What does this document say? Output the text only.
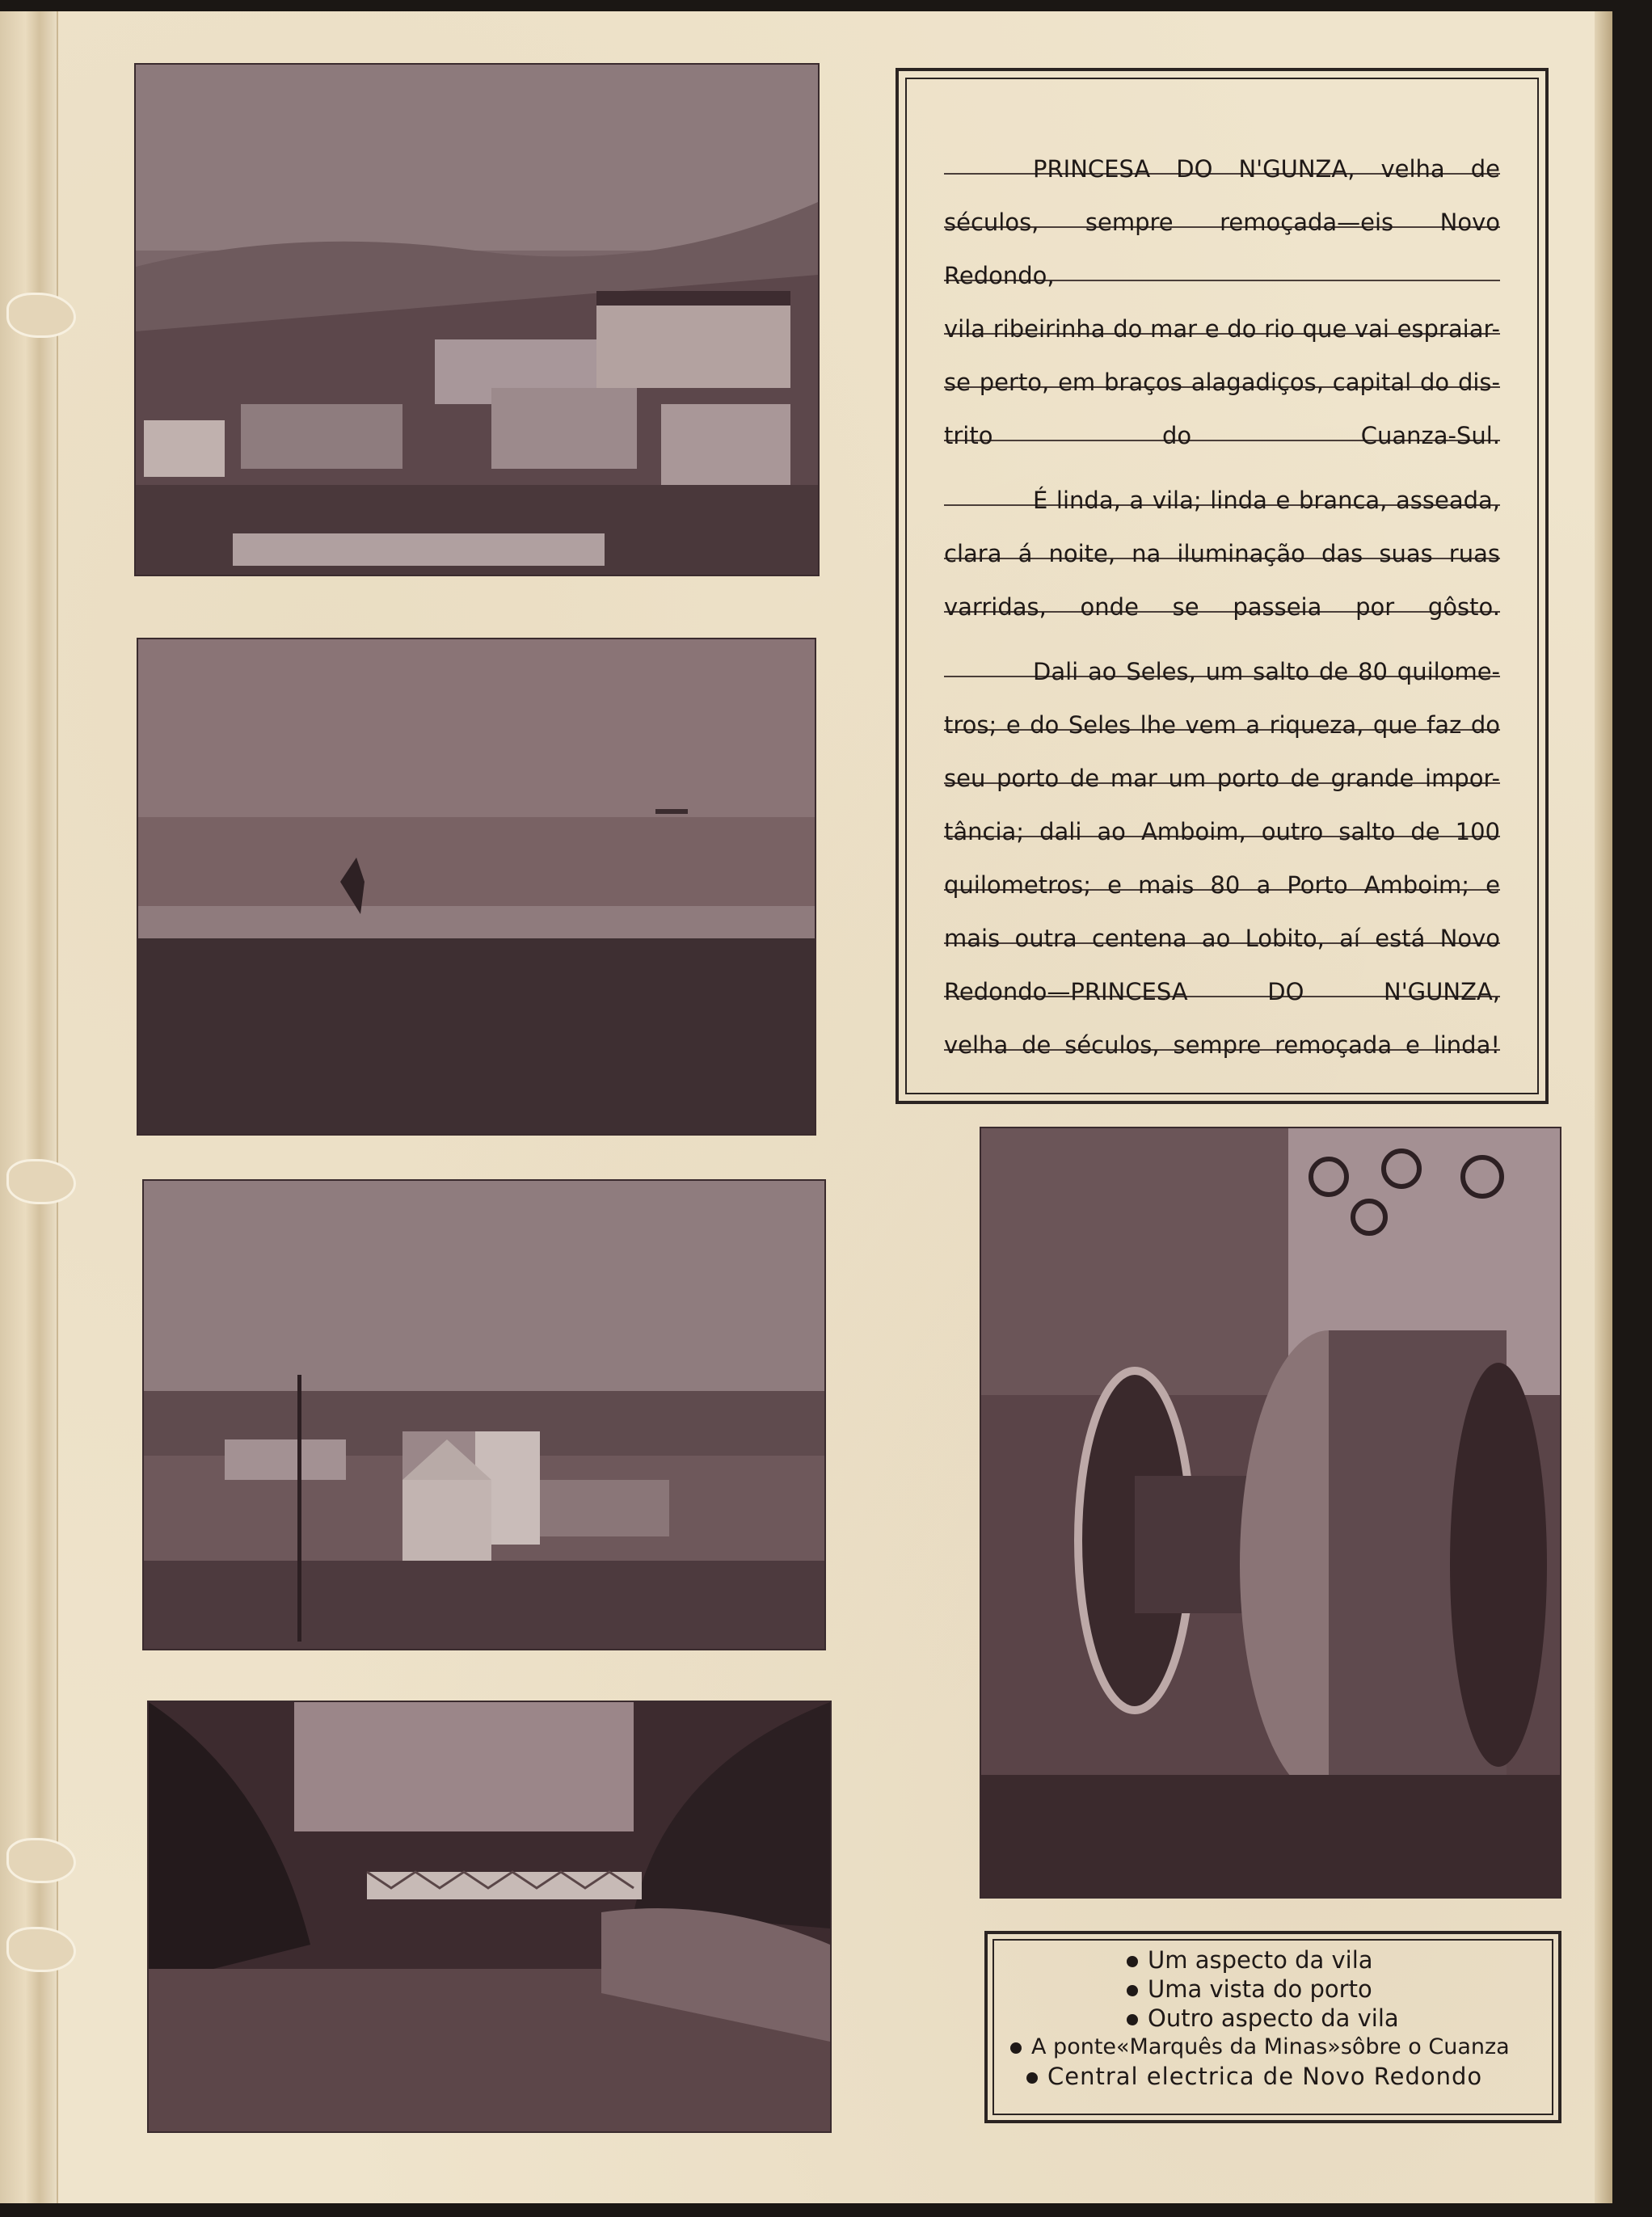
PRINCESA DO N'GUNZA, velha de
séculos, sempre remoçada—eis Novo Redondo,
vila ribeirinha do mar e do rio que vai espraiar-
se perto, em braços alagadiços, capital do dis-
trito do Cuanza-Sul.

É linda, a vila; linda e branca, asseada,
clara á noite, na iluminação das suas ruas
varridas, onde se passeia por gôsto.

Dali ao Seles, um salto de 80 quilome-
tros; e do Seles lhe vem a riqueza, que faz do
seu porto de mar um porto de grande impor-
tância; dali ao Amboim, outro salto de 100
quilometros; e mais 80 a Porto Amboim; e
mais outra centena ao Lobito, aí está Novo
Redondo—PRINCESA DO N'GUNZA,
velha de séculos, sempre remoçada e linda!

Um aspecto da vila
Uma vista do porto
Outro aspecto da vila
A ponte«Marquês da Minas»sôbre o Cuanza
Central electrica de Novo Redondo
